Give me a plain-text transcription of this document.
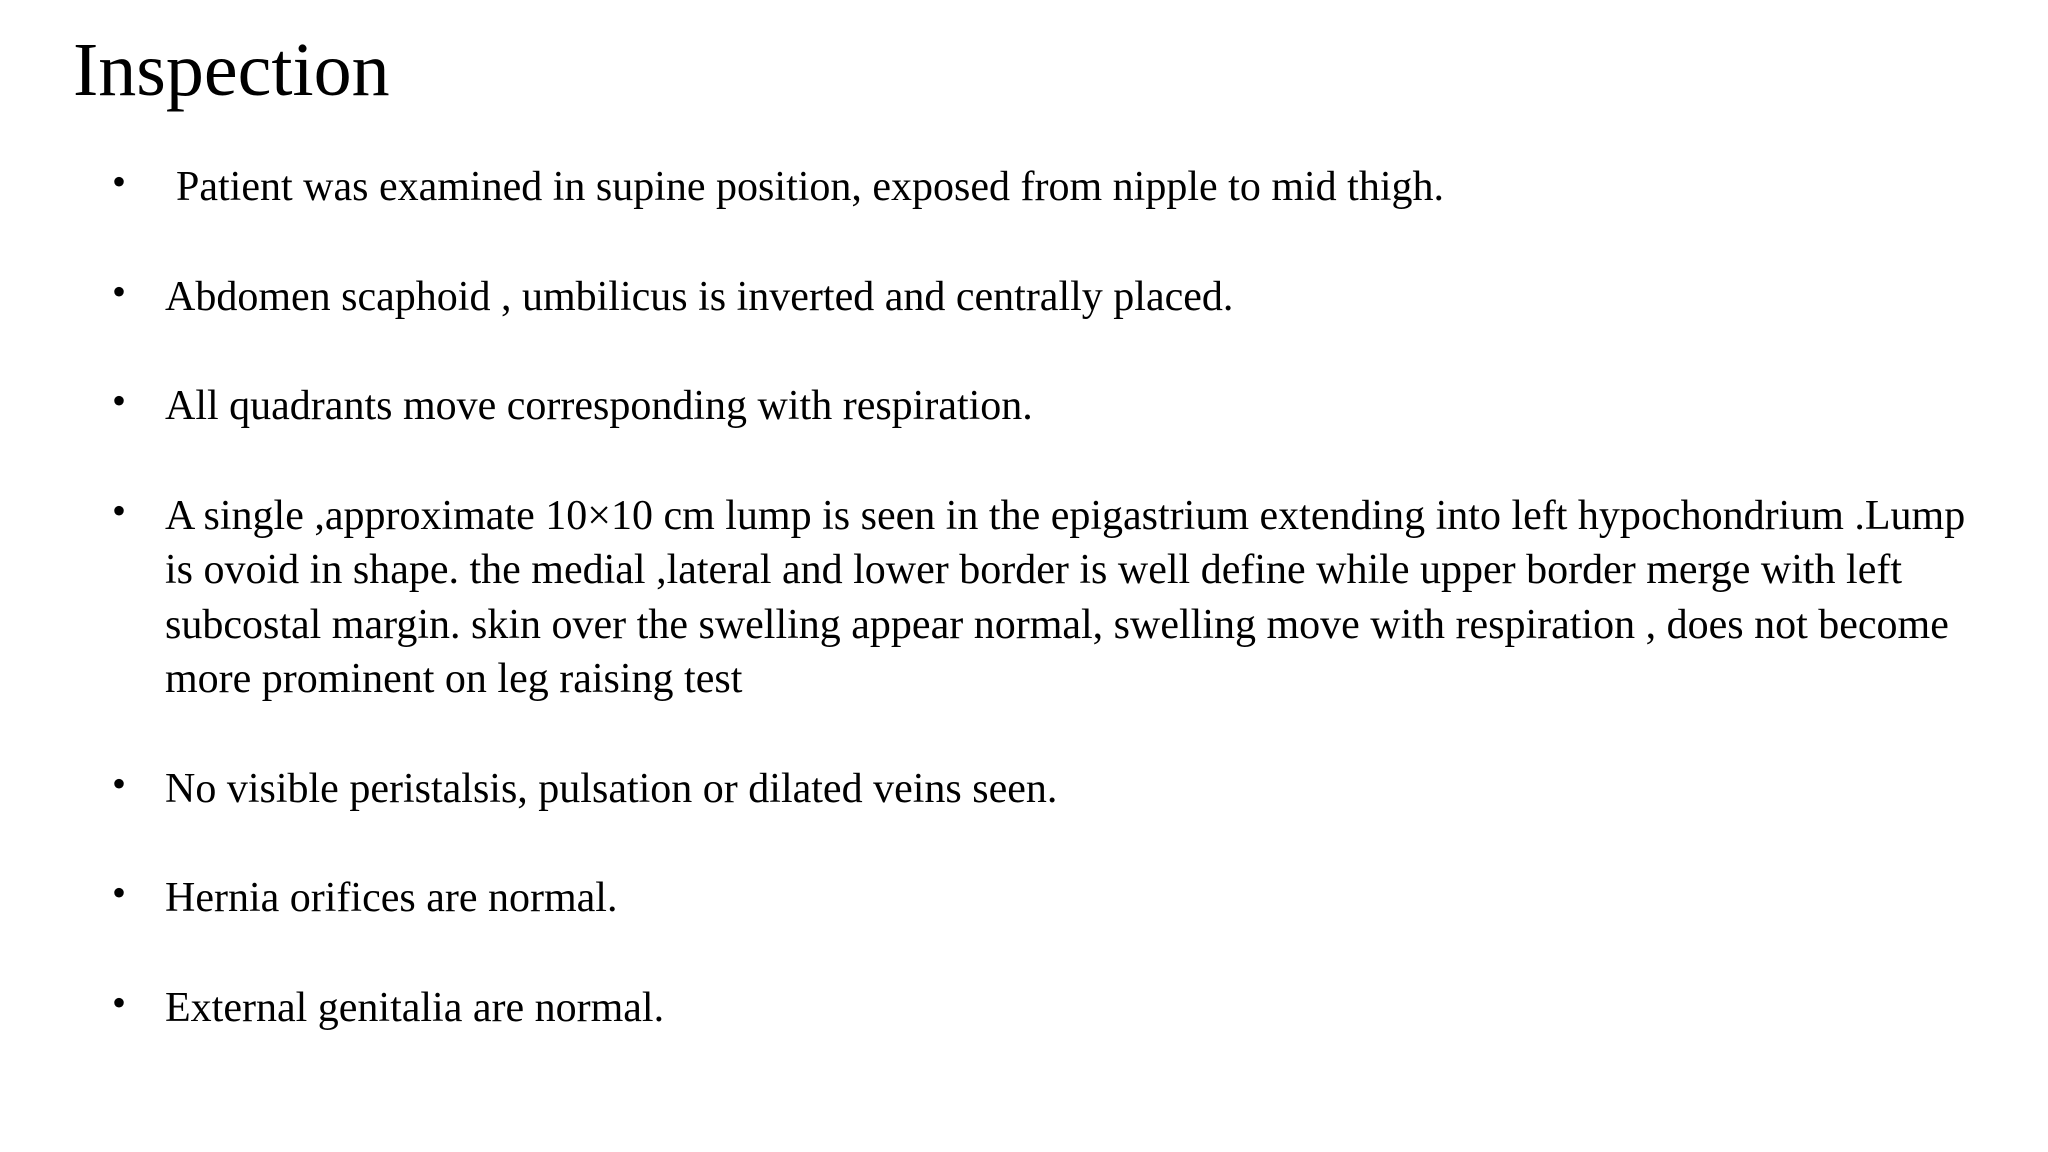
Inspection
•	Patient was examined in supine position, exposed from nipple to mid thigh.
• Abdomen scaphoid , umbilicus is inverted and centrally placed.
• All quadrants move corresponding with respiration.
• A single ,approximate 10×10 cm lump is seen in the epigastrium extending into left hypochondrium .Lump is ovoid in shape. the medial ,lateral and lower border is well define while upper border merge with left subcostal margin. skin over the swelling appear normal, swelling move with respiration , does not become more prominent on leg raising test
• No visible peristalsis, pulsation or dilated veins seen.
• Hernia orifices are normal.
• External genitalia are normal.
